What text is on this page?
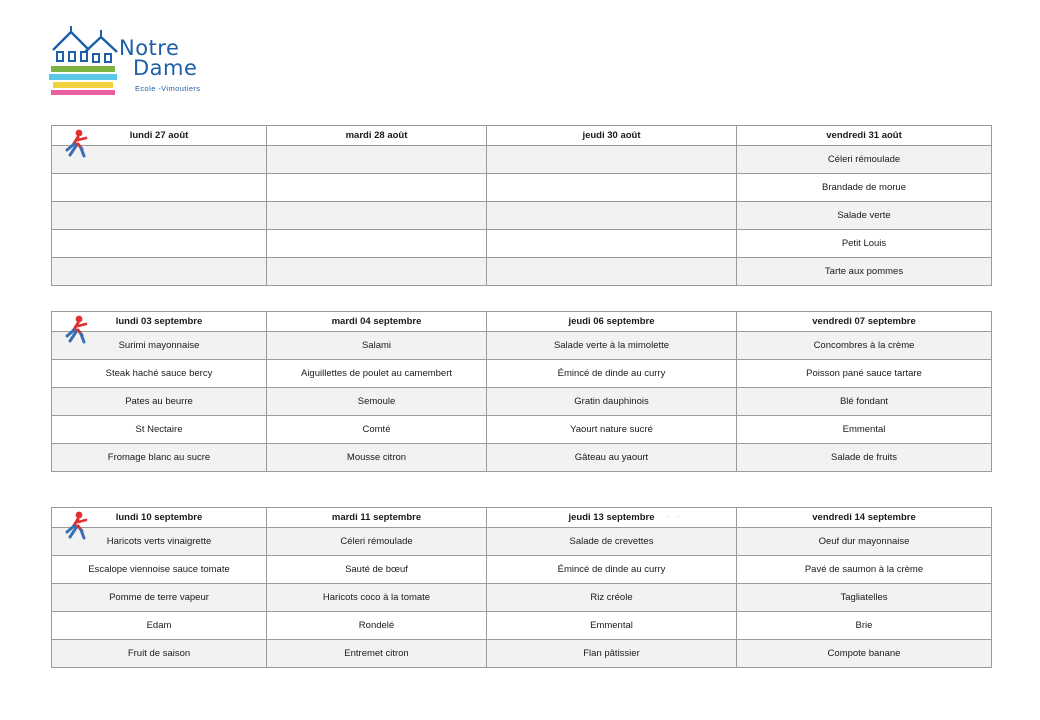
Notre
Dame
Ecole -Vimoutiers
lundi 27 août	mardi 28 août	jeudi 30 août	vendredi 31 août
			Céleri rémoulade
			Brandade de morue
			Salade verte
			Petit Louis
			Tarte aux pommes
lundi 03 septembre	mardi 04 septembre	jeudi 06 septembre	vendredi 07 septembre
Surimi mayonnaise	Salami	Salade verte à la mimolette	Concombres à la crème
Steak haché sauce bercy	Aiguillettes de poulet au camembert	Émincé de dinde au curry	Poisson pané sauce tartare
Pates au beurre	Semoule	Gratin dauphinois	Blé fondant
St Nectaire	Comté	Yaourt nature sucré	Emmental
Fromage blanc au sucre	Mousse citron	Gâteau au yaourt	Salade de fruits
lundi 10 septembre	mardi 11 septembre	jeudi 13 septembre	vendredi 14 septembre
Haricots verts vinaigrette	Céleri rémoulade	Salade de crevettes	Oeuf dur mayonnaise
Escalope viennoise sauce tomate	Sauté de bœuf	Émincé de dinde au curry	Pavé de saumon à la crème
Pomme de terre vapeur	Haricots coco à la tomate	Riz créole	Tagliatelles
Edam	Rondelé	Emmental	Brie
Fruit de saison	Entremet citron	Flan pâtissier	Compote banane
· ·
